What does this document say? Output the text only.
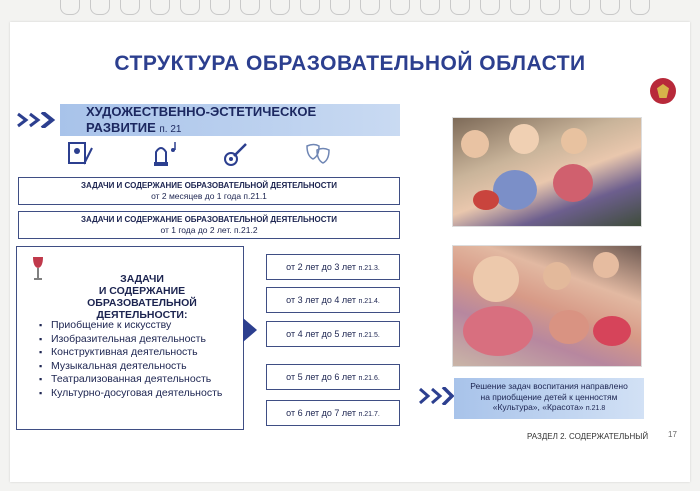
СТРУКТУРА ОБРАЗОВАТЕЛЬНОЙ ОБЛАСТИ
ХУДОЖЕСТВЕННО-ЭСТЕТИЧЕСКОЕ
РАЗВИТИЕ п. 21
ЗАДАЧИ И СОДЕРЖАНИЕ ОБРАЗОВАТЕЛЬНОЙ ДЕЯТЕЛЬНОСТИ
от 2 месяцев до 1 года п.21.1
ЗАДАЧИ И СОДЕРЖАНИЕ ОБРАЗОВАТЕЛЬНОЙ ДЕЯТЕЛЬНОСТИ
от 1 года до 2 лет. п.21.2
ЗАДАЧИ
И СОДЕРЖАНИЕ ОБРАЗОВАТЕЛЬНОЙ
ДЕЯТЕЛЬНОСТИ:
▪ Приобщение к искусству
▪ Изобразительная деятельность
▪ Конструктивная деятельность
▪ Музыкальная деятельность
▪ Театрализованная деятельность
▪ Культурно-досуговая деятельность
от 2 лет до 3 лет п.21.3.
от 3 лет до 4 лет п.21.4.
от 4 лет до 5 лет п.21.5.
от 5 лет до 6 лет п.21.6.
от 6 лет до 7 лет п.21.7.
Решение задач воспитания направлено
на приобщение детей к ценностям
«Культура», «Красота» п.21.8
РАЗДЕЛ 2. СОДЕРЖАТЕЛЬНЫЙ 17
